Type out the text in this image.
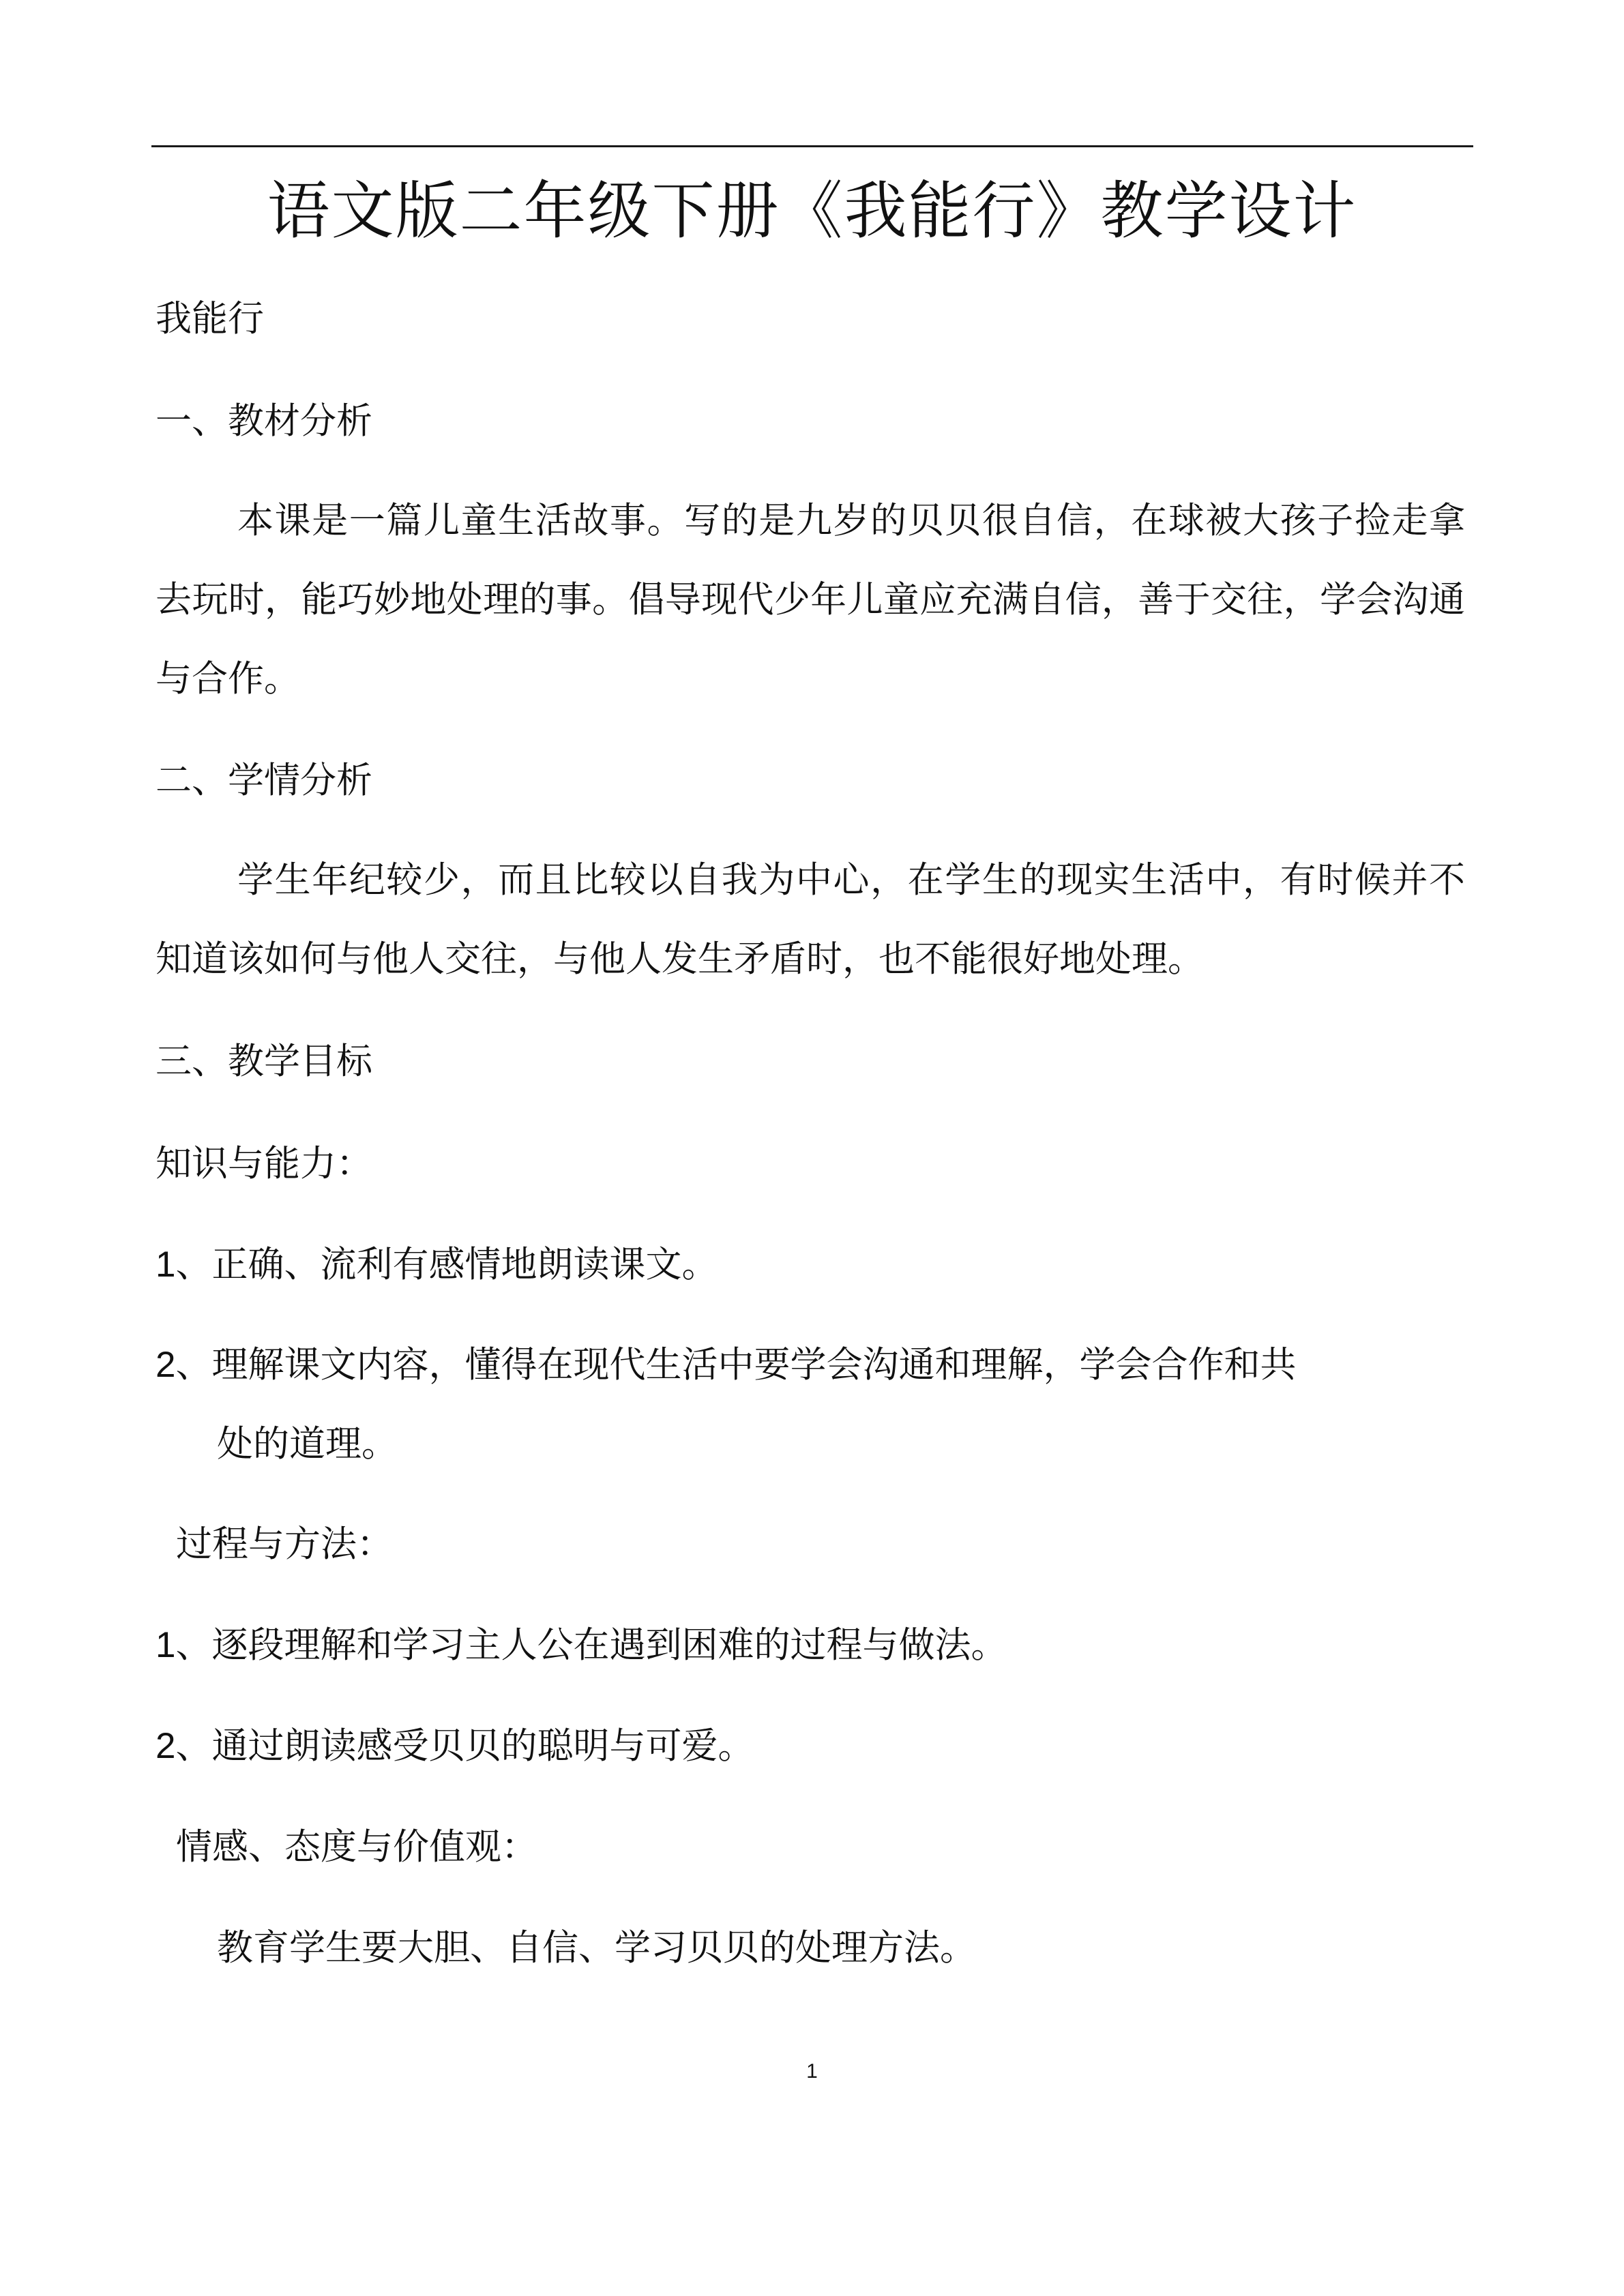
语文版二年级下册《我能行》教学设计
我能行
一、教材分析
本课是一篇儿童生活故事。写的是九岁的贝贝很自信，在球被大孩子捡走拿去玩时，能巧妙地处理的事。倡导现代少年儿童应充满自信，善于交往，学会沟通与合作。
二、学情分析
学生年纪较少，而且比较以自我为中心，在学生的现实生活中，有时候并不知道该如何与他人交往，与他人发生矛盾时，也不能很好地处理。
三、教学目标
知识与能力：
1、正确、流利有感情地朗读课文。
2、理解课文内容，懂得在现代生活中要学会沟通和理解，学会合作和共
处的道理。
过程与方法：
1、逐段理解和学习主人公在遇到困难的过程与做法。
2、通过朗读感受贝贝的聪明与可爱。
情感、态度与价值观：
教育学生要大胆、自信、学习贝贝的处理方法。
1
